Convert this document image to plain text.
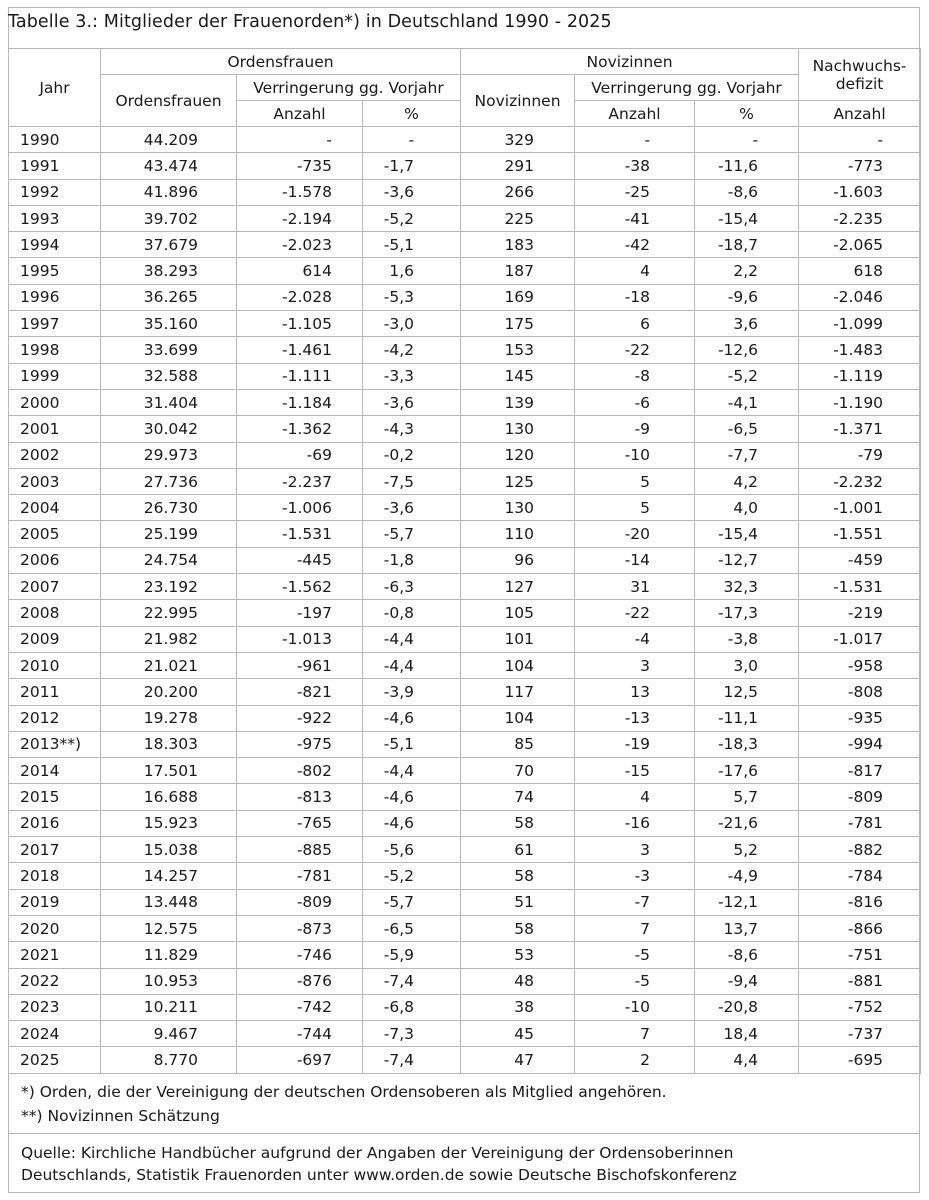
Tabelle 3.: Mitglieder der Frauenorden*) in Deutschland 1990 - 2025
Jahr	Ordensfrauen			Novizinnen			Nachwuchs-
defizit
	Ordensfrauen	Verringerung gg. Vorjahr		Novizinnen	Verringerung gg. Vorjahr		
		Anzahl	%		Anzahl	%	Anzahl
1990	44.209	-	-	329	-	-	-
1991	43.474	-735	-1,7	291	-38	-11,6	-773
1992	41.896	-1.578	-3,6	266	-25	-8,6	-1.603
1993	39.702	-2.194	-5,2	225	-41	-15,4	-2.235
1994	37.679	-2.023	-5,1	183	-42	-18,7	-2.065
1995	38.293	614	1,6	187	4	2,2	618
1996	36.265	-2.028	-5,3	169	-18	-9,6	-2.046
1997	35.160	-1.105	-3,0	175	6	3,6	-1.099
1998	33.699	-1.461	-4,2	153	-22	-12,6	-1.483
1999	32.588	-1.111	-3,3	145	-8	-5,2	-1.119
2000	31.404	-1.184	-3,6	139	-6	-4,1	-1.190
2001	30.042	-1.362	-4,3	130	-9	-6,5	-1.371
2002	29.973	-69	-0,2	120	-10	-7,7	-79
2003	27.736	-2.237	-7,5	125	5	4,2	-2.232
2004	26.730	-1.006	-3,6	130	5	4,0	-1.001
2005	25.199	-1.531	-5,7	110	-20	-15,4	-1.551
2006	24.754	-445	-1,8	96	-14	-12,7	-459
2007	23.192	-1.562	-6,3	127	31	32,3	-1.531
2008	22.995	-197	-0,8	105	-22	-17,3	-219
2009	21.982	-1.013	-4,4	101	-4	-3,8	-1.017
2010	21.021	-961	-4,4	104	3	3,0	-958
2011	20.200	-821	-3,9	117	13	12,5	-808
2012	19.278	-922	-4,6	104	-13	-11,1	-935
2013**)	18.303	-975	-5,1	85	-19	-18,3	-994
2014	17.501	-802	-4,4	70	-15	-17,6	-817
2015	16.688	-813	-4,6	74	4	5,7	-809
2016	15.923	-765	-4,6	58	-16	-21,6	-781
2017	15.038	-885	-5,6	61	3	5,2	-882
2018	14.257	-781	-5,2	58	-3	-4,9	-784
2019	13.448	-809	-5,7	51	-7	-12,1	-816
2020	12.575	-873	-6,5	58	7	13,7	-866
2021	11.829	-746	-5,9	53	-5	-8,6	-751
2022	10.953	-876	-7,4	48	-5	-9,4	-881
2023	10.211	-742	-6,8	38	-10	-20,8	-752
2024	9.467	-744	-7,3	45	7	18,4	-737
2025	8.770	-697	-7,4	47	2	4,4	-695
*) Orden, die der Vereinigung der deutschen Ordensoberen als Mitglied angehören.
**) Novizinnen Schätzung
Quelle: Kirchliche Handbücher aufgrund der Angaben der Vereinigung der Ordensoberinnen
Deutschlands, Statistik Frauenorden unter www.orden.de sowie Deutsche Bischofskonferenz
